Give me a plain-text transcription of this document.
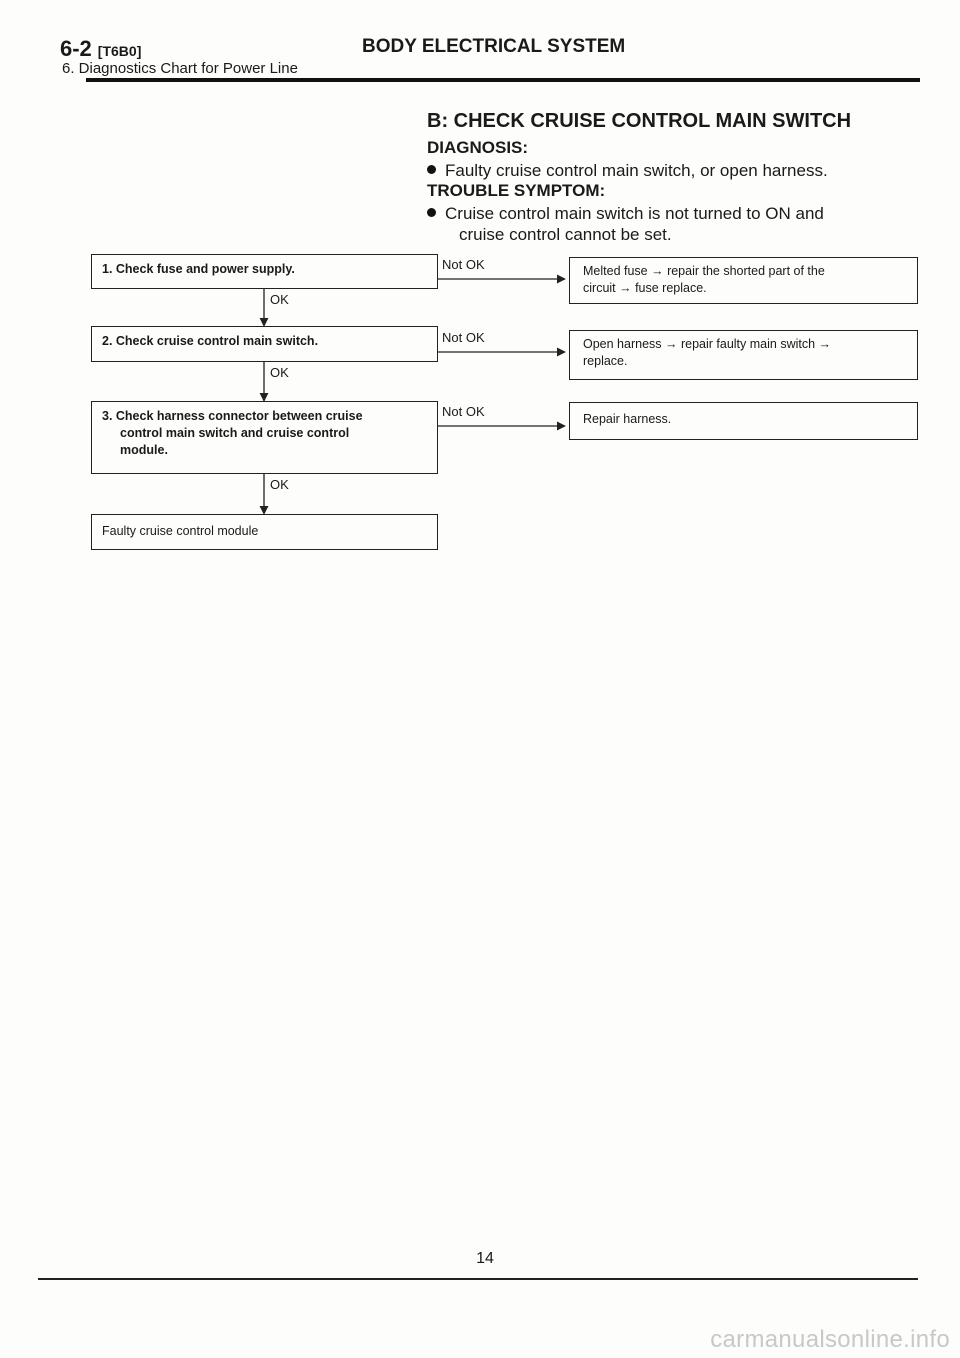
6-2 [T6B0]	BODY ELECTRICAL SYSTEM
6. Diagnostics Chart for Power Line
B: CHECK CRUISE CONTROL MAIN SWITCH
DIAGNOSIS:
Faulty cruise control main switch, or open harness.
TROUBLE SYMPTOM:
Cruise control main switch is not turned to ON and
cruise control cannot be set.
1. Check fuse and power supply.
2. Check cruise control main switch.
3. Check harness connector between cruise
control main switch and cruise control
module.
Faulty cruise control module
OK
OK
OK
Not OK
Not OK
Not OK
Melted fuse → repair the shorted part of the
circuit → fuse replace.
Open harness → repair faulty main switch →
replace.
Repair harness.
14
carmanualsonline.info
